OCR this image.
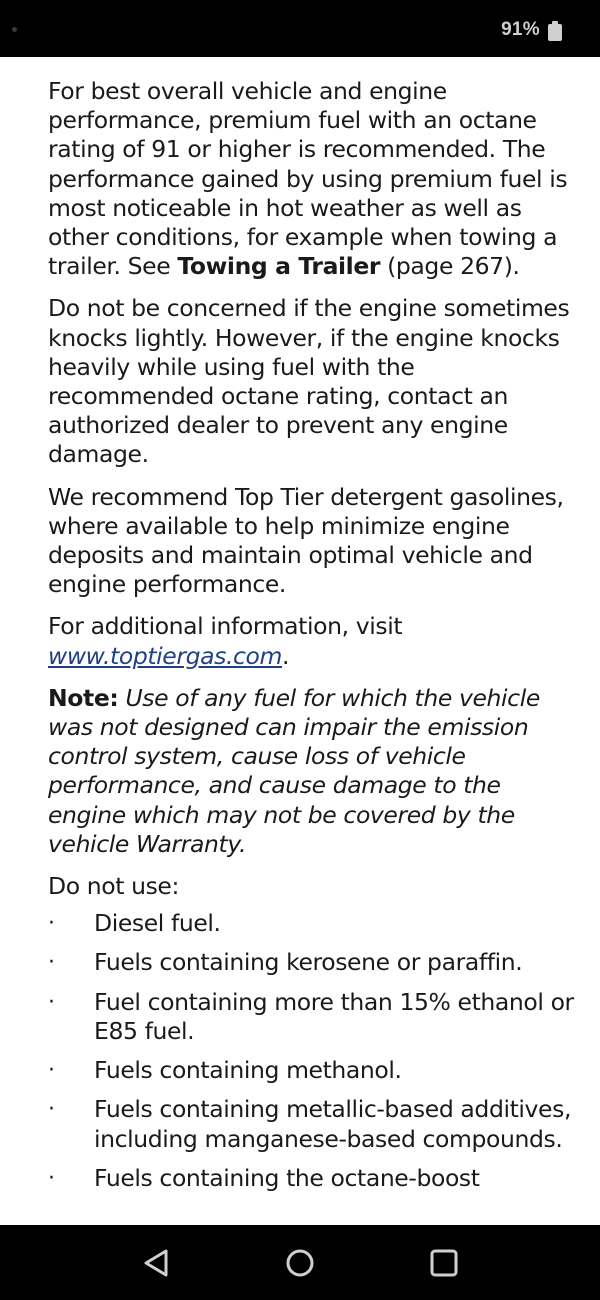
91%

For best overall vehicle and engine performance, premium fuel with an octane rating of 91 or higher is recommended. The performance gained by using premium fuel is most noticeable in hot weather as well as other conditions, for example when towing a trailer. See Towing a Trailer (page 267).

Do not be concerned if the engine sometimes knocks lightly. However, if the engine knocks heavily while using fuel with the recommended octane rating, contact an authorized dealer to prevent any engine damage.

We recommend Top Tier detergent gasolines, where available to help minimize engine deposits and maintain optimal vehicle and engine performance.

For additional information, visit www.toptiergas.com.

Note: Use of any fuel for which the vehicle was not designed can impair the emission control system, cause loss of vehicle performance, and cause damage to the engine which may not be covered by the vehicle Warranty.

Do not use:

·	Diesel fuel.
·	Fuels containing kerosene or paraffin.
·	Fuel containing more than 15% ethanol or E85 fuel.
·	Fuels containing methanol.
·	Fuels containing metallic-based additives, including manganese-based compounds.
·	Fuels containing the octane-boost
